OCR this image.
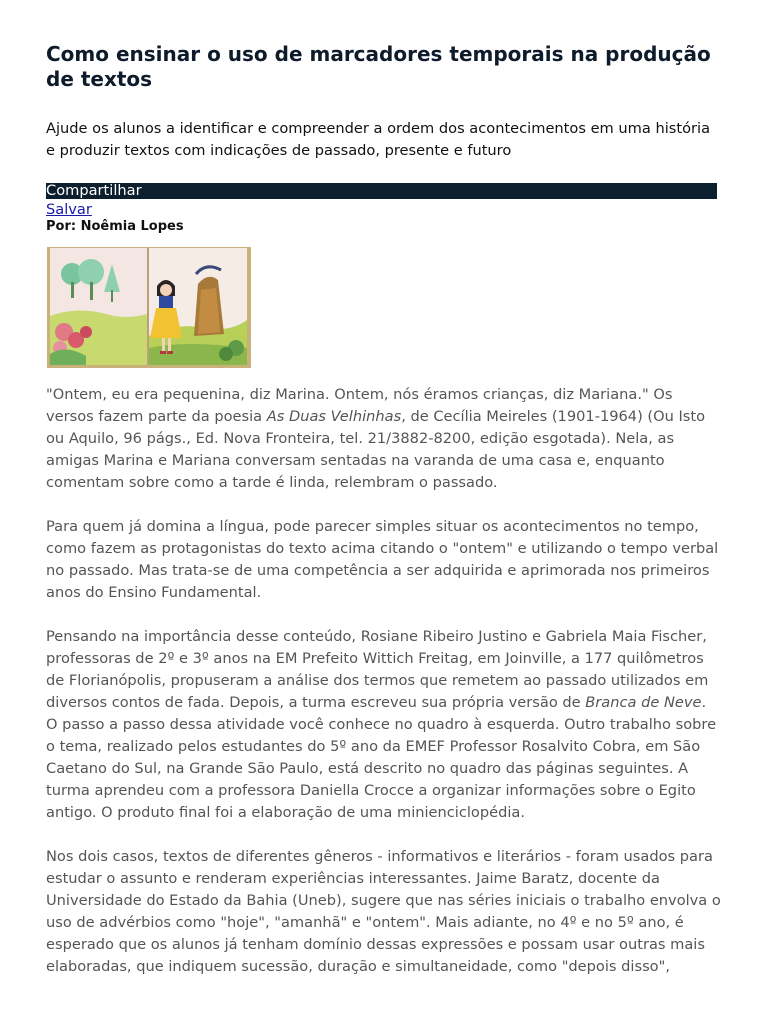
Como ensinar o uso de marcadores temporais na produção de textos

Ajude os alunos a identificar e compreender a ordem dos acontecimentos em uma história e produzir textos com indicações de passado, presente e futuro

Compartilhar
Salvar
Por: Noêmia Lopes

"Ontem, eu era pequenina, diz Marina. Ontem, nós éramos crianças, diz Mariana." Os versos fazem parte da poesia As Duas Velhinhas, de Cecília Meireles (1901-1964) (Ou Isto ou Aquilo, 96 págs., Ed. Nova Fronteira, tel. 21/3882-8200, edição esgotada). Nela, as amigas Marina e Mariana conversam sentadas na varanda de uma casa e, enquanto comentam sobre como a tarde é linda, relembram o passado.

Para quem já domina a língua, pode parecer simples situar os acontecimentos no tempo, como fazem as protagonistas do texto acima citando o "ontem" e utilizando o tempo verbal no passado. Mas trata-se de uma competência a ser adquirida e aprimorada nos primeiros anos do Ensino Fundamental.

Pensando na importância desse conteúdo, Rosiane Ribeiro Justino e Gabriela Maia Fischer, professoras de 2º e 3º anos na EM Prefeito Wittich Freitag, em Joinville, a 177 quilômetros de Florianópolis, propuseram a análise dos termos que remetem ao passado utilizados em diversos contos de fada. Depois, a turma escreveu sua própria versão de Branca de Neve. O passo a passo dessa atividade você conhece no quadro à esquerda. Outro trabalho sobre o tema, realizado pelos estudantes do 5º ano da EMEF Professor Rosalvito Cobra, em São Caetano do Sul, na Grande São Paulo, está descrito no quadro das páginas seguintes. A turma aprendeu com a professora Daniella Crocce a organizar informações sobre o Egito antigo. O produto final foi a elaboração de uma minienciclopédia.

Nos dois casos, textos de diferentes gêneros - informativos e literários - foram usados para estudar o assunto e renderam experiências interessantes. Jaime Baratz, docente da Universidade do Estado da Bahia (Uneb), sugere que nas séries iniciais o trabalho envolva o uso de advérbios como "hoje", "amanhã" e "ontem". Mais adiante, no 4º e no 5º ano, é esperado que os alunos já tenham domínio dessas expressões e possam usar outras mais elaboradas, que indiquem sucessão, duração e simultaneidade, como "depois disso",
